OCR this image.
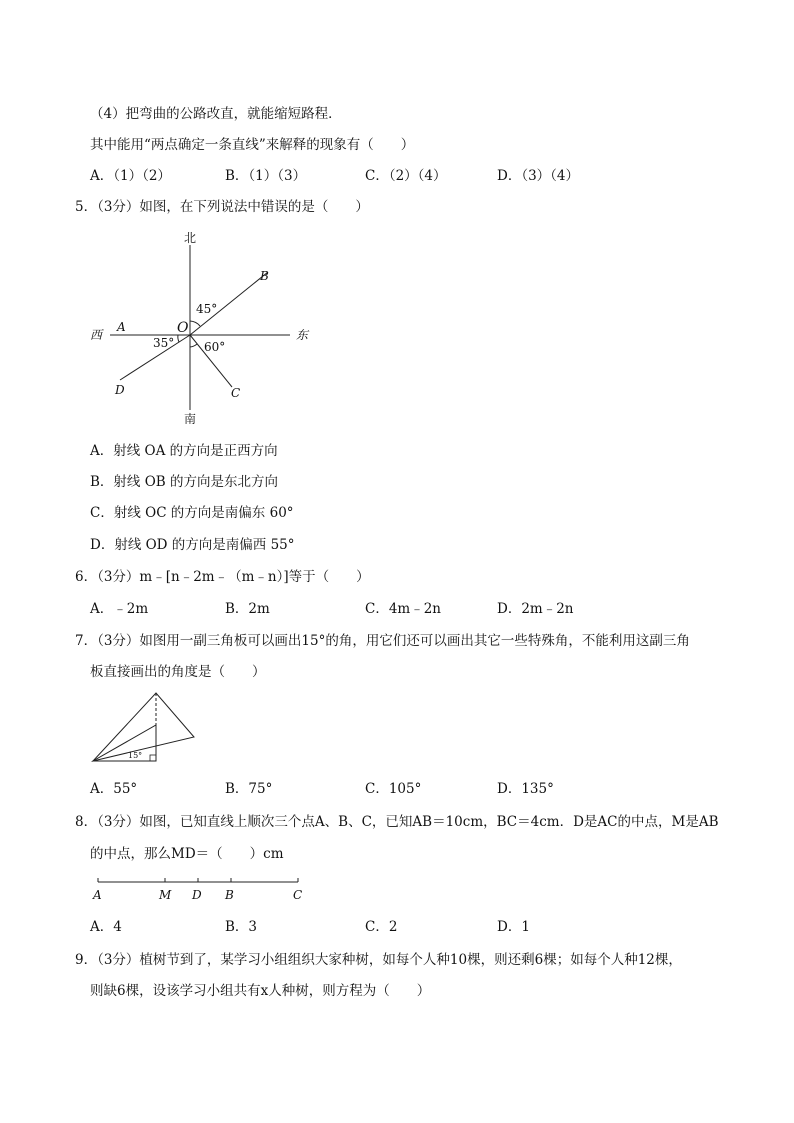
（4）把弯曲的公路改直，就能缩短路程．
其中能用“两点确定一条直线”来解释的现象有（　　）
A．（1）（2）	B．（1）（3）	C．（2）（4）	D．（3）（4）
5．（3分）如图，在下列说法中错误的是（　　）
北
南
西	东
O
A
B
C
D
45°
35° 60°
A．射线 OA 的方向是正西方向
B．射线 OB 的方向是东北方向
C．射线 OC 的方向是南偏东 60°
D．射线 OD 的方向是南偏西 55°
6．（3分）m﹣[n﹣2m﹣（m﹣n）]等于（　　）
A．﹣2m	B．2m	C．4m﹣2n	D．2m﹣2n
7．（3分）如图用一副三角板可以画出15°的角，用它们还可以画出其它一些特殊角，不能利用这副三角
板直接画出的角度是（　　）
15°
A．55°	B．75°	C．105°	D．135°
8．（3分）如图，已知直线上顺次三个点A、B、C，已知AB＝10cm，BC＝4cm．D是AC的中点，M是AB
的中点，那么MD＝（　　）cm
A	M D B	C
A．4	B．3	C．2	D．1
9．（3分）植树节到了，某学习小组组织大家种树，如每个人种10棵，则还剩6棵；如每个人种12棵，
则缺6棵，设该学习小组共有x人种树，则方程为（　　）
